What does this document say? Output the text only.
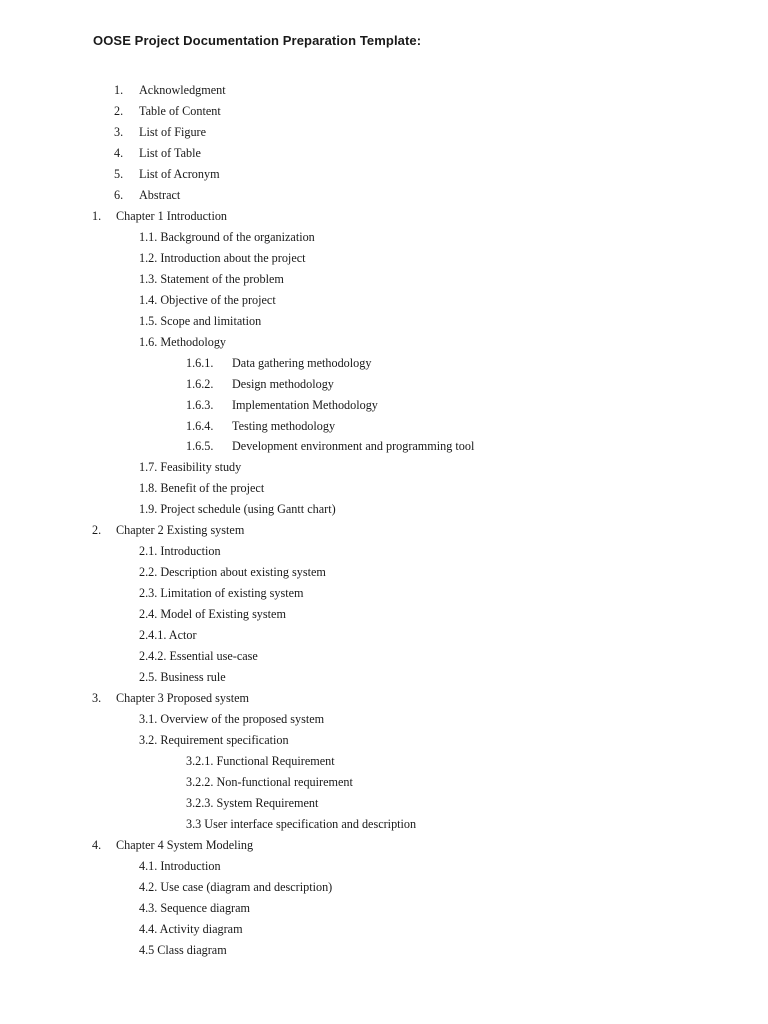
OOSE Project Documentation Preparation Template:
1. Acknowledgment
2. Table of Content
3. List of Figure
4. List of Table
5. List of Acronym
6. Abstract
1. Chapter 1 Introduction
1.1. Background of the organization
1.2. Introduction about the project
1.3. Statement of the problem
1.4. Objective of the project
1.5. Scope and limitation
1.6. Methodology
1.6.1. Data gathering methodology
1.6.2. Design methodology
1.6.3. Implementation Methodology
1.6.4. Testing methodology
1.6.5. Development environment and programming tool
1.7. Feasibility study
1.8. Benefit of the project
1.9. Project schedule (using Gantt chart)
2. Chapter 2 Existing system
2.1. Introduction
2.2. Description about existing system
2.3. Limitation of existing system
2.4. Model of Existing system
2.4.1. Actor
2.4.2. Essential use-case
2.5. Business rule
3. Chapter 3 Proposed system
3.1. Overview of the proposed system
3.2. Requirement specification
3.2.1. Functional Requirement
3.2.2. Non-functional requirement
3.2.3. System Requirement
3.3 User interface specification and description
4. Chapter 4 System Modeling
4.1. Introduction
4.2. Use case (diagram and description)
4.3. Sequence diagram
4.4. Activity diagram
4.5 Class diagram
